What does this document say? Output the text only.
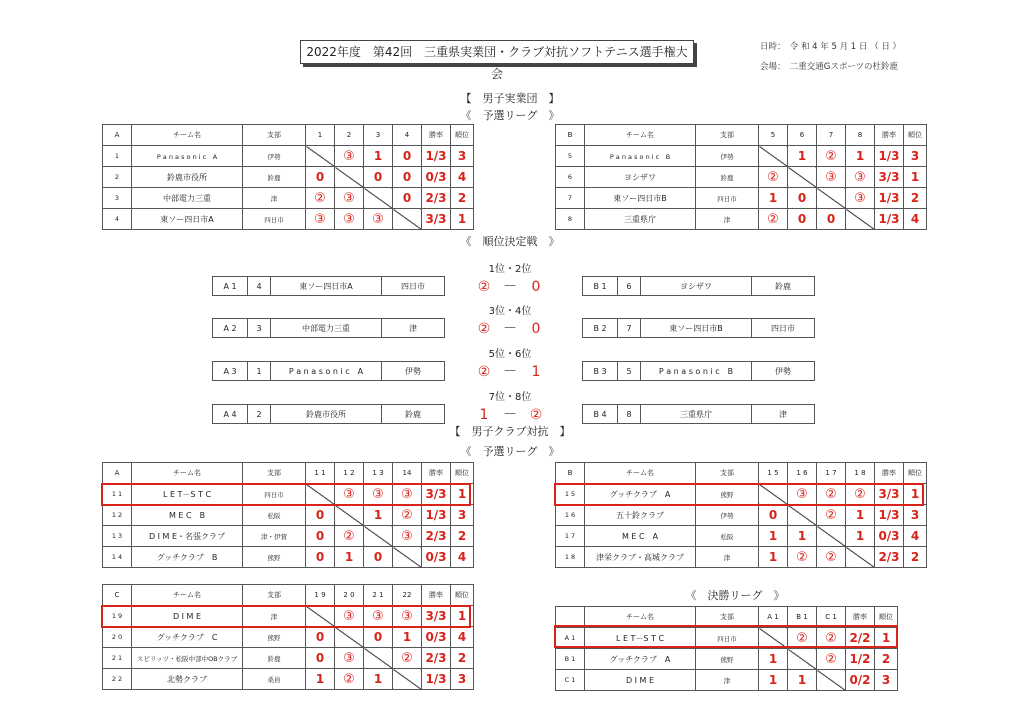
2022年度　第42回　三重県実業団・クラブ対抗ソフトテニス選手権大会
日時：　 令 和 4 年 5 月 1 日 （ 日 ）
会場：　 二重交通Gスポーツの杜鈴鹿
【　男子実業団　】
《　予選リーグ　》
A	チーム名	支部	1	2	3	4	勝率	順位
1	P a n a s o n i c　A	伊勢		③	1	0	1/3	3
2	鈴鹿市役所	鈴鹿	0		0	0	0/3	4
3	中部電力三重	津	②	③		0	2/3	2
4	東ソー四日市A	四日市	③	③	③		3/3	1
B	チーム名	支部	5	6	7	8	勝率	順位
5	P a n a s o n i c　B	伊勢		1	②	1	1/3	3
6	ヨシザワ	鈴鹿	②		③	③	3/3	1
7	東ソー四日市B	四日市	1	0		③	1/3	2
8	三重県庁	津	②	0	0		1/3	4
《　順位決定戦　》
1位・2位
A 1	4	東ソー四日市A	四日市	B 1	6	ヨシザワ	鈴鹿
② － 0
3位・4位
A 2	3	中部電力三重	津	B 2	7	東ソー四日市B	四日市
② － 0
5位・6位
A 3	1	P a n a s o n i c　A	伊勢	B 3	5	P a n a s o n i c　B	伊勢
② － 1
7位・8位
A 4	2	鈴鹿市役所	鈴鹿	B 4	8	三重県庁	津
1 － ②
【　男子クラブ対抗　】
《　予選リーグ　》
A	チーム名	支部	1 1	1 2	1 3	14	勝率	順位
1 1	L E T－S T C	四日市		③	③	③	3/3	1
1 2	M E C　B	松阪	0		1	②	1/3	3
1 3	D I M E・名張クラブ	津・伊賀	0	②		③	2/3	2
1 4	グッチクラブ　B	熊野	0	1	0		0/3	4
B	チーム名	支部	1 5	1 6	1 7	1 8	勝率	順位
1 5	グッチクラブ　A	熊野		③	②	②	3/3	1
1 6	五十鈴クラブ	伊勢	0		②	1	1/3	3
1 7	M E C　A	松阪	1	1		1	0/3	4
1 8	津栄クラブ・高城クラブ	津	1	②	②		2/3	2
C	チーム名	支部	1 9	2 0	2 1	22	勝率	順位
1 9	D I M E	津		③	③	③	3/3	1
2 0	グッチクラブ　C	熊野	0		0	1	0/3	4
2 1	スピリッツ・松阪中部中OBクラブ	鈴鹿	0	③		②	2/3	2
2 2	北勢クラブ	桑員	1	②	1		1/3	3
《　決勝リーグ　》
	チーム名	支部	A 1	B 1	C 1	勝率	順位
A 1	L E T－S T C	四日市		②	②	2/2	1
B 1	グッチクラブ　A	熊野	1		②	1/2	2
C 1	D I M E	津	1	1		0/2	3
